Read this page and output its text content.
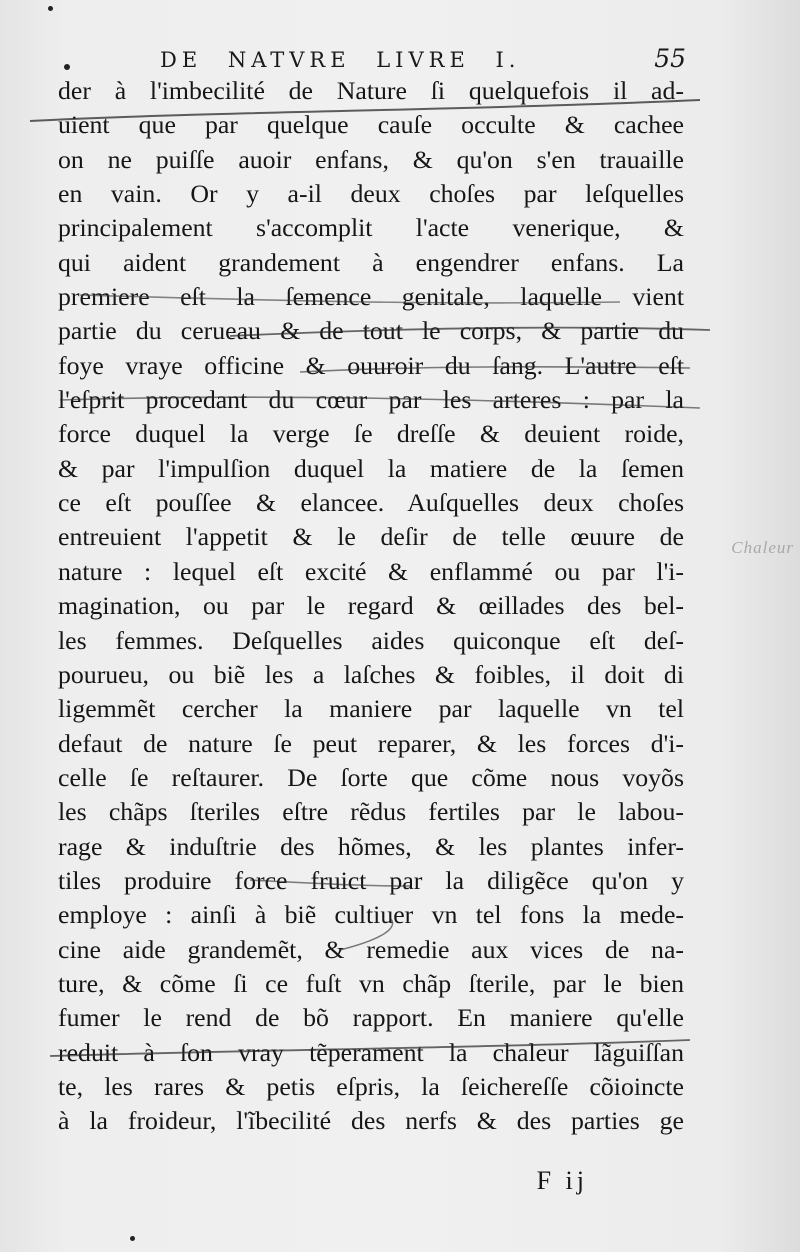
DE NATVRE LIVRE I.	55
der à l'imbecilité de Nature ſi quelquefois il ad-
uient que par quelque cauſe occulte & cachee
on ne puiſſe auoir enfans, & qu'on s'en trauaille
en vain. Or y a-il deux choſes par leſquelles
principalement s'accomplit l'acte venerique, &
qui aident grandement à engendrer enfans. La
premiere eſt la ſemence genitale, laquelle vient
partie du cerueau & de tout le corps, & partie du
foye vraye officine & ouuroir du ſang. L'autre eſt
l'eſprit procedant du cœur par les arteres : par la
force duquel la verge ſe dreſſe & deuient roide,
& par l'impulſion duquel la matiere de la ſemen
ce eſt pouſſee & elancee. Auſquelles deux choſes
entreuient l'appetit & le deſir de telle œuure de
nature : lequel eſt excité & enflammé ou par l'i-
magination, ou par le regard & œillades des bel-
les femmes. Deſquelles aides quiconque eſt deſ-
pourueu, ou biẽ les a laſches & foibles, il doit di
ligemmẽt cercher la maniere par laquelle vn tel
defaut de nature ſe peut reparer, & les forces d'i-
celle ſe reſtaurer. De ſorte que cõme nous voyõs
les chãps ſteriles eſtre rẽdus fertiles par le labou-
rage & induſtrie des hõmes, & les plantes infer-
tiles produire force fruict par la diligẽce qu'on y
employe : ainſi à biẽ cultiuer vn tel fons la mede-
cine aide grandemẽt, & remedie aux vices de na-
ture, & cõme ſi ce fuſt vn chãp ſterile, par le bien
fumer le rend de bõ rapport. En maniere qu'elle
reduit à ſon vray tẽperament la chaleur lãguiſſan
te, les rares & petis eſpris, la ſeichereſſe cõioincte
à la froideur, l'ĩbecilité des nerfs & des parties ge
F ij
Chaleur
